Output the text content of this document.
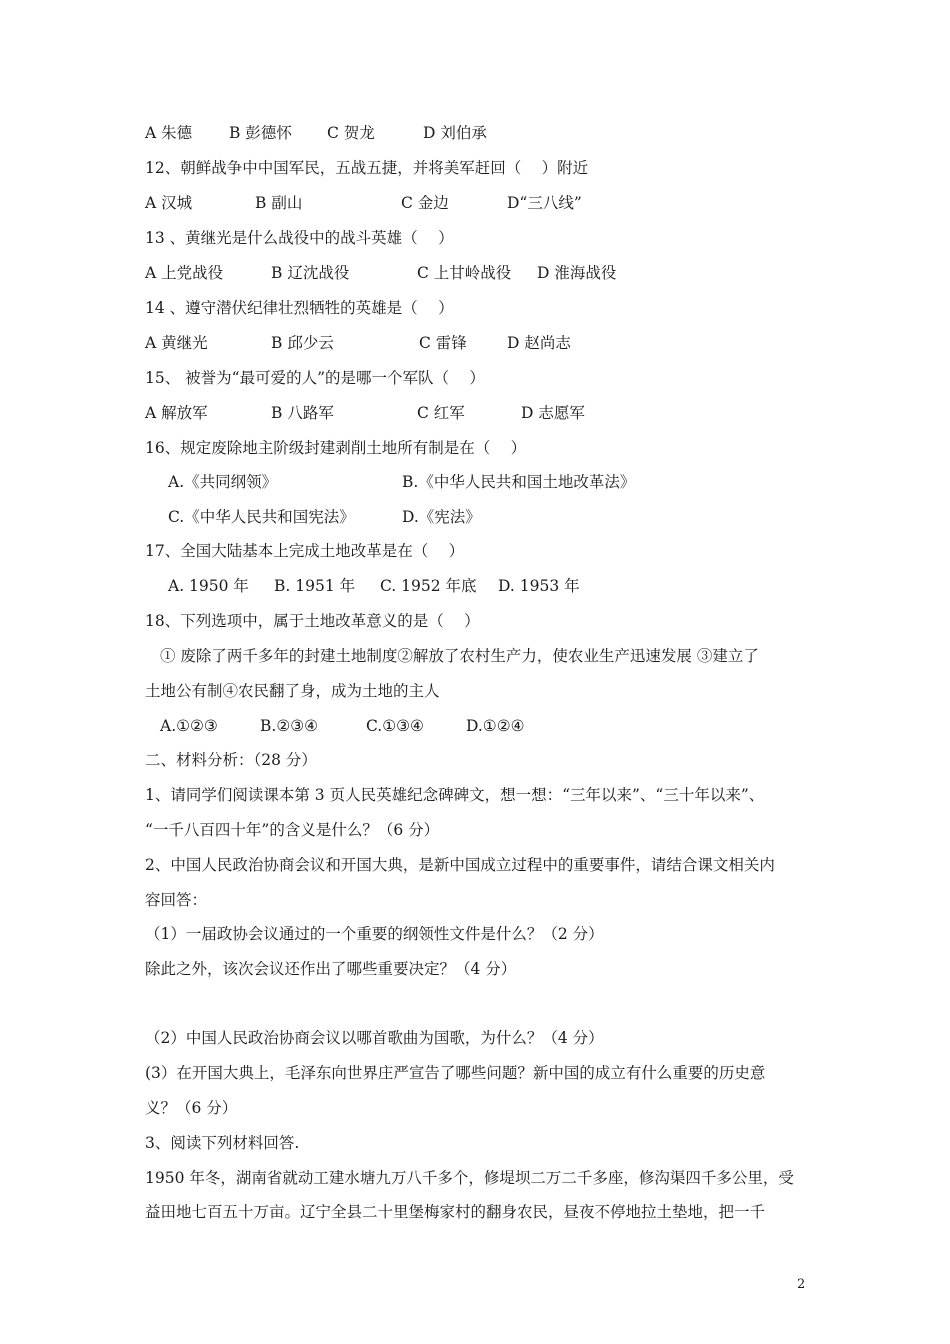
A 朱德 B 彭德怀 C 贺龙	D 刘伯承
12、朝鲜战争中中国军民，五战五捷，并将美军赶回（　 ）附近
A 汉城	B 副山	C 金边	D“三八线”
13 、黄继光是什么战役中的战斗英雄（　 ）
A 上党战役	B 辽沈战役	C 上甘岭战役 D 淮海战役
14 、遵守潜伏纪律壮烈牺牲的英雄是（　 ）
A 黄继光	B 邱少云	C 雷锋	D 赵尚志
15、 被誉为“最可爱的人”的是哪一个军队（　 ）
A 解放军	B 八路军	C 红军	D 志愿军
16、规定废除地主阶级封建剥削土地所有制是在（　 ）
A.《共同纲领》	B.《中华人民共和国土地改革法》
C.《中华人民共和国宪法》	D.《宪法》
17、全国大陆基本上完成土地改革是在（　 ）
A. 1950 年 B. 1951 年 C. 1952 年底 D. 1953 年
18、下列选项中，属于土地改革意义的是（　 ）
① 废除了两千多年的封建土地制度②解放了农村生产力，使农业生产迅速发展 ③建立了
土地公有制④农民翻了身，成为土地的主人
A.①②③	B.②③④	C.①③④	D.①②④
二、材料分析：（28 分）
1、请同学们阅读课本第 3 页人民英雄纪念碑碑文，想一想：“三年以来”、“三十年以来”、
“一千八百四十年”的含义是什么？（6 分）
2、中国人民政治协商会议和开国大典，是新中国成立过程中的重要事件，请结合课文相关内
容回答：
（1）一届政协会议通过的一个重要的纲领性文件是什么？（2 分）
除此之外，该次会议还作出了哪些重要决定？（4 分）
（2）中国人民政治协商会议以哪首歌曲为国歌，为什么？（4 分）
(3）在开国大典上，毛泽东向世界庄严宣告了哪些问题？新中国的成立有什么重要的历史意
义？（6 分）
3、阅读下列材料回答.
1950 年冬，湖南省就动工建水塘九万八千多个，修堤坝二万二千多座，修沟渠四千多公里，受
益田地七百五十万亩。辽宁全县二十里堡梅家村的翻身农民，昼夜不停地拉土垫地，把一千
2
